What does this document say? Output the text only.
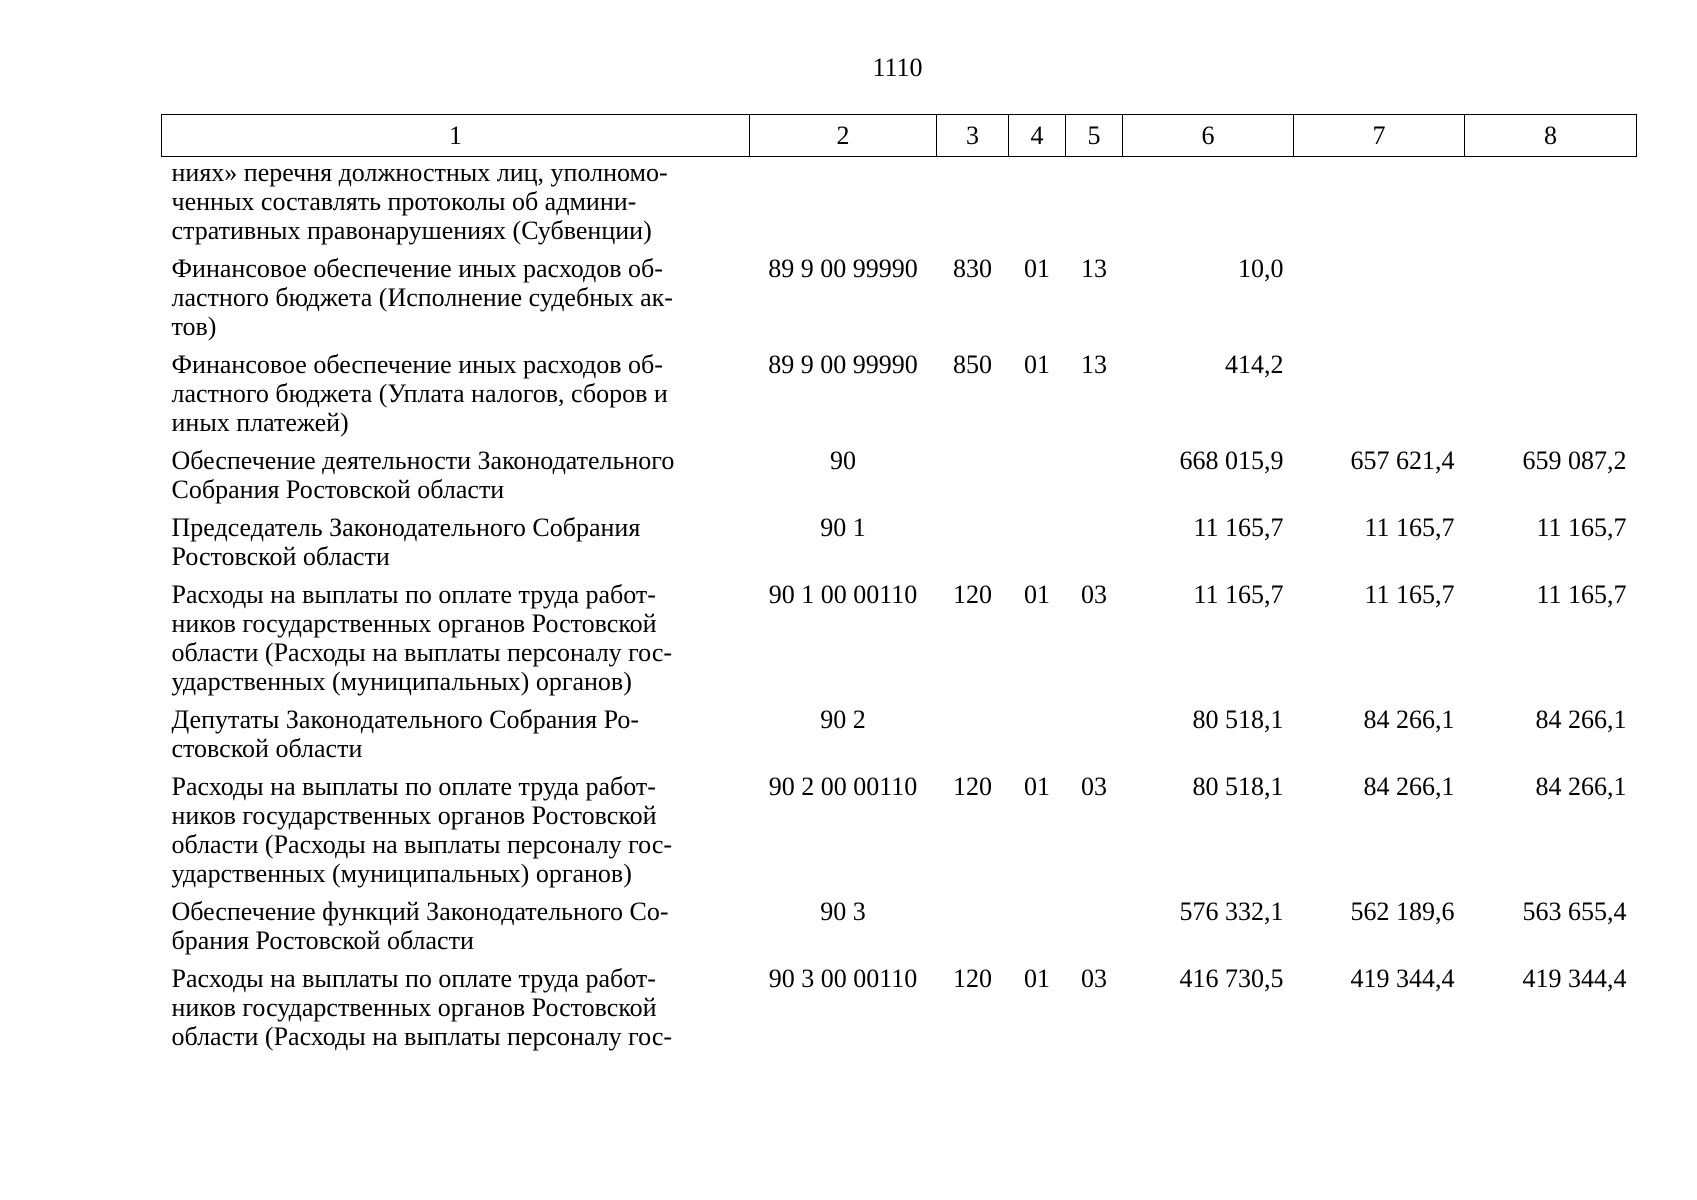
1110
1	2	3	4	5	6	7	8
ниях» перечня должностных лиц, уполномо-
ченных составлять протоколы об админи-
стративных правонарушениях (Субвенции)							
Финансовое обеспечение иных расходов об-
ластного бюджета (Исполнение судебных ак-
тов)	89 9 00 99990	830	01	13	10,0		
Финансовое обеспечение иных расходов об-
ластного бюджета (Уплата налогов, сборов и
иных платежей)	89 9 00 99990	850	01	13	414,2		
Обеспечение деятельности Законодательного
Собрания Ростовской области	90				668 015,9	657 621,4	659 087,2
Председатель Законодательного Собрания
Ростовской области	90 1				11 165,7	11 165,7	11 165,7
Расходы на выплаты по оплате труда работ-
ников государственных органов Ростовской
области (Расходы на выплаты персоналу гос-
ударственных (муниципальных) органов)	90 1 00 00110	120	01	03	11 165,7	11 165,7	11 165,7
Депутаты Законодательного Собрания Ро-
стовской области	90 2				80 518,1	84 266,1	84 266,1
Расходы на выплаты по оплате труда работ-
ников государственных органов Ростовской
области (Расходы на выплаты персоналу гос-
ударственных (муниципальных) органов)	90 2 00 00110	120	01	03	80 518,1	84 266,1	84 266,1
Обеспечение функций Законодательного Со-
брания Ростовской области	90 3				576 332,1	562 189,6	563 655,4
Расходы на выплаты по оплате труда работ-
ников государственных органов Ростовской
области (Расходы на выплаты персоналу гос-	90 3 00 00110	120	01	03	416 730,5	419 344,4	419 344,4
